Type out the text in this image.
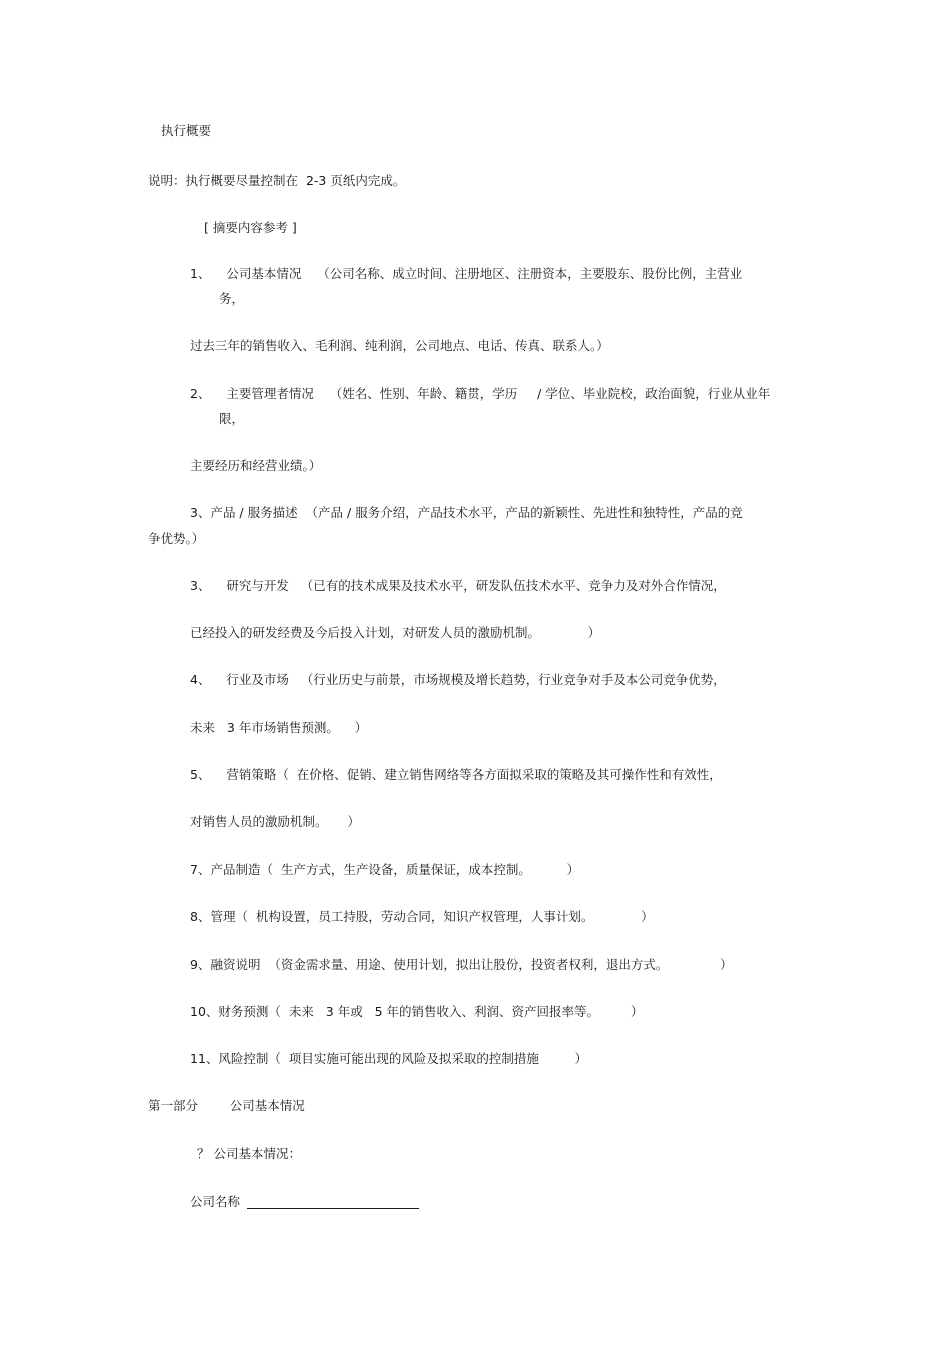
执行概要
说明：执行概要尽量控制在  2-3 页纸内完成。
[ 摘要内容参考 ]
1、    公司基本情况    （公司名称、成立时间、注册地区、注册资本，主要股东、股份比例，主营业
务，
过去三年的销售收入、毛利润、纯利润，公司地点、电话、传真、联系人。）
2、    主要管理者情况    （姓名、性别、年龄、籍贯，学历     / 学位、毕业院校，政治面貌，行业从业年
限，
主要经历和经营业绩。）
3、产品 / 服务描述  （产品 / 服务介绍，产品技术水平，产品的新颖性、先进性和独特性，产品的竞
争优势。）
3、    研究与开发   （已有的技术成果及技术水平，研发队伍技术水平、竞争力及对外合作情况，
已经投入的研发经费及今后投入计划，对研发人员的激励机制。            ）
4、    行业及市场   （行业历史与前景，市场规模及增长趋势，行业竞争对手及本公司竞争优势，
未来   3 年市场销售预测。    ）
5、    营销策略（  在价格、促销、建立销售网络等各方面拟采取的策略及其可操作性和有效性，
对销售人员的激励机制。     ）
7、产品制造（  生产方式，生产设备，质量保证，成本控制。         ）
8、管理（  机构设置，员工持股，劳动合同，知识产权管理，人事计划。            ）
9、融资说明  （资金需求量、用途、使用计划，拟出让股份，投资者权利，退出方式。             ）
10、财务预测（  未来   3 年或   5 年的销售收入、利润、资产回报率等。        ）
11、风险控制（  项目实施可能出现的风险及拟采取的控制措施         ）
第一部分        公司基本情况
？ 公司基本情况：
公司名称
